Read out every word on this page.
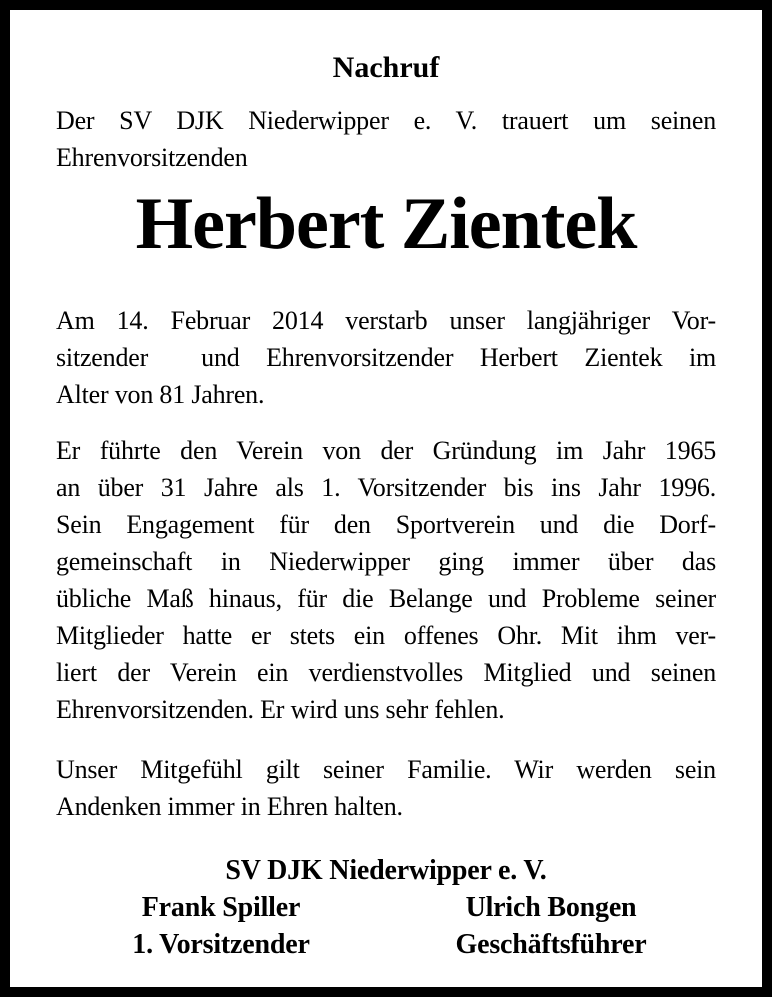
Nachruf
Der SV DJK Niederwipper e. V. trauert um seinen
Ehrenvorsitzenden
Herbert Zientek
Am 14. Februar 2014 verstarb unser langjähriger Vor-
sitzender  und Ehrenvorsitzender Herbert Zientek im
Alter von 81 Jahren.
Er führte den Verein von der Gründung im Jahr 1965
an über 31 Jahre als 1. Vorsitzender bis ins Jahr 1996.
Sein Engagement für den Sportverein und die Dorf-
gemeinschaft in Niederwipper ging immer über das
übliche Maß hinaus, für die Belange und Probleme seiner
Mitglieder hatte er stets ein offenes Ohr. Mit ihm ver-
liert der Verein ein verdienstvolles Mitglied und seinen
Ehrenvorsitzenden. Er wird uns sehr fehlen.
Unser Mitgefühl gilt seiner Familie. Wir werden sein
Andenken immer in Ehren halten.
SV DJK Niederwipper e. V.
Frank Spiller	Ulrich Bongen
1. Vorsitzender	Geschäftsführer
